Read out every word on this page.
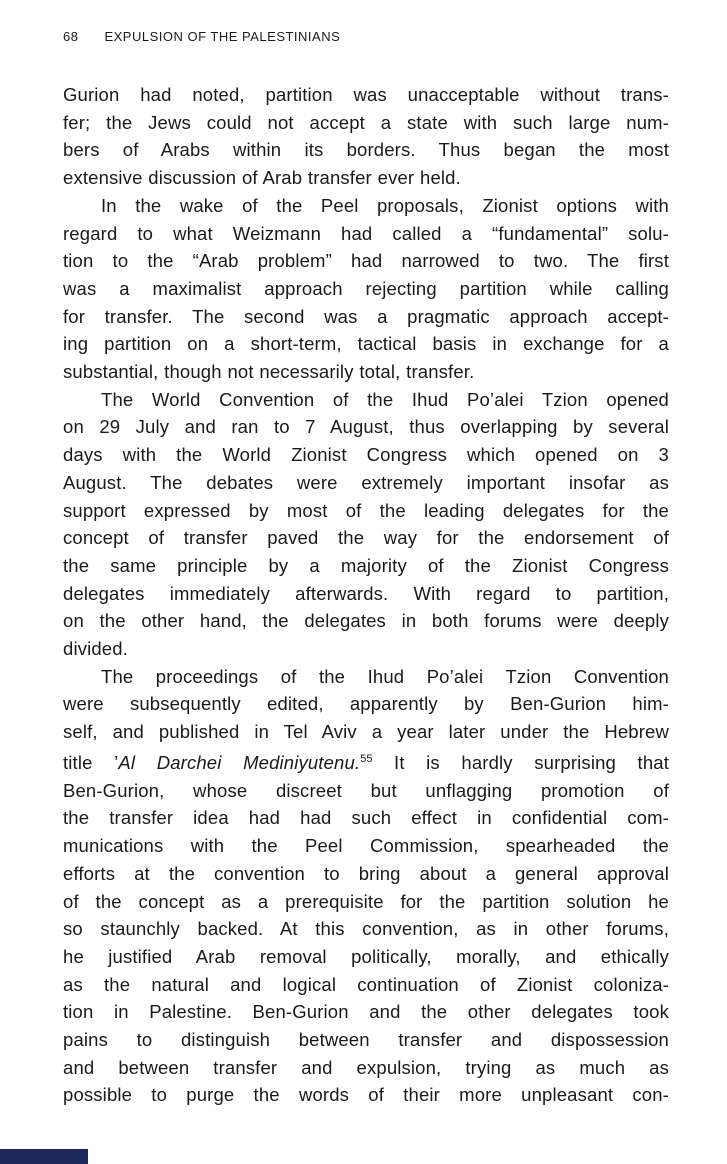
68 EXPULSION OF THE PALESTINIANS
Gurion had noted, partition was unacceptable without trans-
fer; the Jews could not accept a state with such large num-
bers of Arabs within its borders. Thus began the most
extensive discussion of Arab transfer ever held.
In the wake of the Peel proposals, Zionist options with
regard to what Weizmann had called a “fundamental” solu-
tion to the “Arab problem” had narrowed to two. The first
was a maximalist approach rejecting partition while calling
for transfer. The second was a pragmatic approach accept-
ing partition on a short-term, tactical basis in exchange for a
substantial, though not necessarily total, transfer.
The World Convention of the Ihud Po’alei Tzion opened
on 29 July and ran to 7 August, thus overlapping by several
days with the World Zionist Congress which opened on 3
August. The debates were extremely important insofar as
support expressed by most of the leading delegates for the
concept of transfer paved the way for the endorsement of
the same principle by a majority of the Zionist Congress
delegates immediately afterwards. With regard to partition,
on the other hand, the delegates in both forums were deeply
divided.
The proceedings of the Ihud Po’alei Tzion Convention
were subsequently edited, apparently by Ben-Gurion him-
self, and published in Tel Aviv a year later under the Hebrew
title ’Al Darchei Mediniyutenu.$^{55}$ It is hardly surprising that
Ben-Gurion, whose discreet but unflagging promotion of
the transfer idea had had such effect in confidential com-
munications with the Peel Commission, spearheaded the
efforts at the convention to bring about a general approval
of the concept as a prerequisite for the partition solution he
so staunchly backed. At this convention, as in other forums,
he justified Arab removal politically, morally, and ethically
as the natural and logical continuation of Zionist coloniza-
tion in Palestine. Ben-Gurion and the other delegates took
pains to distinguish between transfer and dispossession
and between transfer and expulsion, trying as much as
possible to purge the words of their more unpleasant con-
